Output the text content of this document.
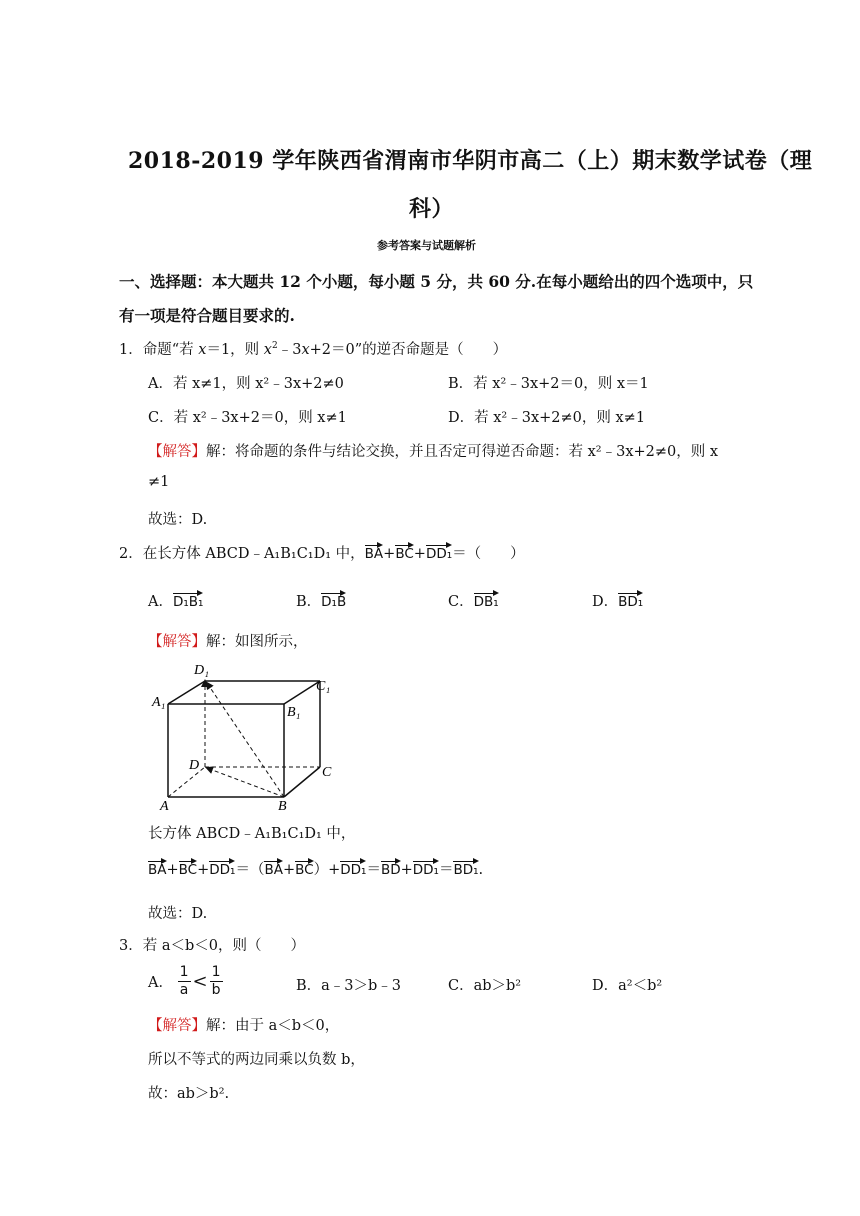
2018-2019 学年陕西省渭南市华阴市高二（上）期末数学试卷（理
科）
参考答案与试题解析
一、选择题：本大题共 12 个小题，每小题 5 分，共 60 分.在每小题给出的四个选项中，只
有一项是符合题目要求的.
1．命题“若 x＝1，则 $x^2﹣3x+2=0$”的逆否命题是（　　）
A．若 x≠1，则 x²﹣3x+2≠0	B．若 x²﹣3x+2＝0，则 x＝1
C．若 x²﹣3x+2＝0，则 x≠1	D．若 x²﹣3x+2≠0，则 x≠1
【解答】解：将命题的条件与结论交换，并且否定可得逆否命题：若 x²﹣3x+2≠0，则 x
≠1
故选：D.
2．在长方体 ABCD﹣A₁B₁C₁D₁ 中，BA+BC+DD₁＝（　　）
A．D₁B₁	B．D₁B	C．DB₁	D．BD₁
【解答】解：如图所示，
D₁
C₁
A₁
B₁
D	C
A	B
长方体 ABCD﹣A₁B₁C₁D₁ 中，
BA+BC+DD₁＝（BA+BC）+DD₁＝BD+DD₁＝BD₁.
故选：D.
3．若 a＜b＜0，则（　　）
A． $\frac{1}{a} < \frac{1}{b}$	B．a﹣3＞b﹣3	C．ab＞b²	D．a²＜b²
【解答】解：由于 a＜b＜0，
所以不等式的两边同乘以负数 b，
故：ab＞b².
